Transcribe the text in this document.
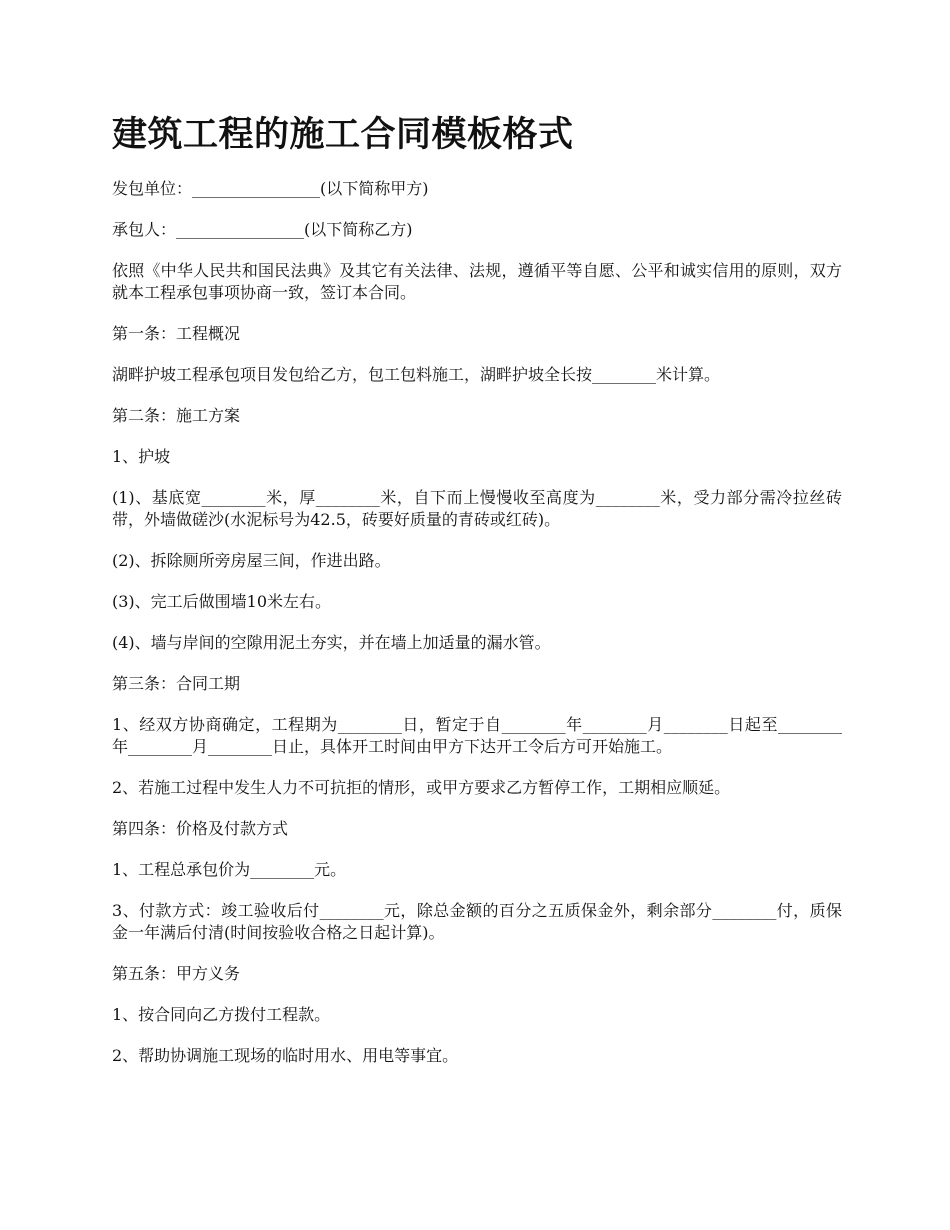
建筑工程的施工合同模板格式

发包单位：________________(以下简称甲方)

承包人：________________(以下简称乙方)

依照《中华人民共和国民法典》及其它有关法律、法规，遵循平等自愿、公平和诚实信用的原则，双方就本工程承包事项协商一致，签订本合同。

第一条：工程概况

湖畔护坡工程承包项目发包给乙方，包工包料施工，湖畔护坡全长按________米计算。

第二条：施工方案

1、护坡

(1)、基底宽________米，厚________米，自下而上慢慢收至高度为________米，受力部分需冷拉丝砖带，外墙做磋沙(水泥标号为42.5，砖要好质量的青砖或红砖)。

(2)、拆除厕所旁房屋三间，作进出路。

(3)、完工后做围墙10米左右。

(4)、墙与岸间的空隙用泥土夯实，并在墙上加适量的漏水管。

第三条：合同工期

1、经双方协商确定，工程期为________日，暂定于自________年________月________日起至________年________月________日止，具体开工时间由甲方下达开工令后方可开始施工。

2、若施工过程中发生人力不可抗拒的情形，或甲方要求乙方暂停工作，工期相应顺延。

第四条：价格及付款方式

1、工程总承包价为________元。

3、付款方式：竣工验收后付________元，除总金额的百分之五质保金外，剩余部分________付，质保金一年满后付清(时间按验收合格之日起计算)。

第五条：甲方义务

1、按合同向乙方拨付工程款。

2、帮助协调施工现场的临时用水、用电等事宜。
